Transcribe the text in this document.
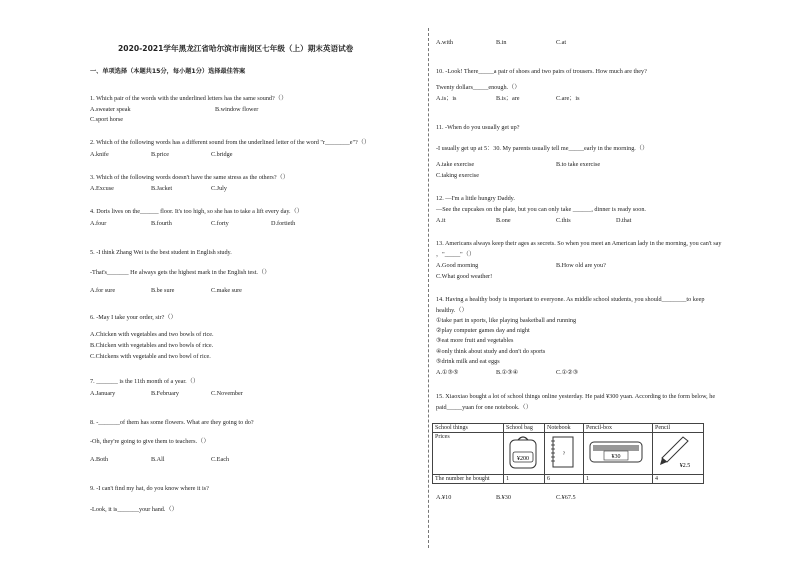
2020-2021学年黑龙江省哈尔滨市南岗区七年级（上）期末英语试卷
一、单项选择（本题共15分，每小题1分）选择最佳答案
1. Which pair of the words with the underlined letters has the same sound?（）
A.sweater speak	B.window flower
C.sport horse
2. Which of the following words has a different sound from the underlined letter of the word "r________e"?（）
A.knife	B.price	C.bridge
3. Which of the following words doesn't have the same stress as the others?（）
A.Excuse	B.Jacket	C.July
4. Doris lives on the______ floor. It's too high, so she has to take a lift every day.（）
A.four	B.fourth	C.forty	D.fortieth
5. -I think Zhang Wei is the best student in English study.
-That's_______ He always gets the highest mark in the English test.（）
A.for sure	B.be sure	C.make sure
6. -May I take your order, sir?（）
A.Chicken with vegetables and two bowls of rice.
B.Chicken with vegetables and two bowls of rice.
C.Chickens with vegetable and two bowl of rice.
7. _______ is the 11th month of a year.（）
A.January	B.February	C.November
8. -_______of them has some flowers. What are they going to do?
-Oh, they're going to give them to teachers.（）
A.Both	B.All	C.Each
9. -I can't find my hat, do you know where it is?
-Look, it is_______your hand.（）
A.with	B.in	C.at
10. -Look! There_____a pair of shoes and two pairs of trousers. How much are they?
Twenty dollars_____enough.（）
A.is；is	B.is；are	C.are；is
11. -When do you usually get up?
-I usually get up at 5：30. My parents usually tell me_____early in the morning.（）
A.take exercise	B.to take exercise
C.taking exercise
12. —I'm a little hungry Daddy.
—See the cupcakes on the plate, but you can only take ______, dinner is ready soon.
A.it	B.one	C.this	D.that
13. Americans always keep their ages as secrets. So when you meet an American lady in the morning, you can't say
，"_____"（）
A.Good morning	B.How old are you?
C.What good weather!
14. Having a healthy body is important to everyone. As middle school students, you should________to keep
healthy.（）
①take part in sports, like playing basketball and running
②play computer games day and night
③eat more fruit and vegetables
④only think about study and don't do sports
⑤drink milk and eat eggs
A.①③⑤	B.①③④	C.①②③
15. Xiaoxiao bought a lot of school things online yesterday. He paid ¥300 yuan. According to the form below, he
paid_____yuan for one notebook.（）
School things	School bag	Notebook	Pencil-box	Pencil
Prices	¥200	?	¥30	¥2.5

The number he bought	1	6	1	4
A.¥10	B.¥30	C.¥67.5
